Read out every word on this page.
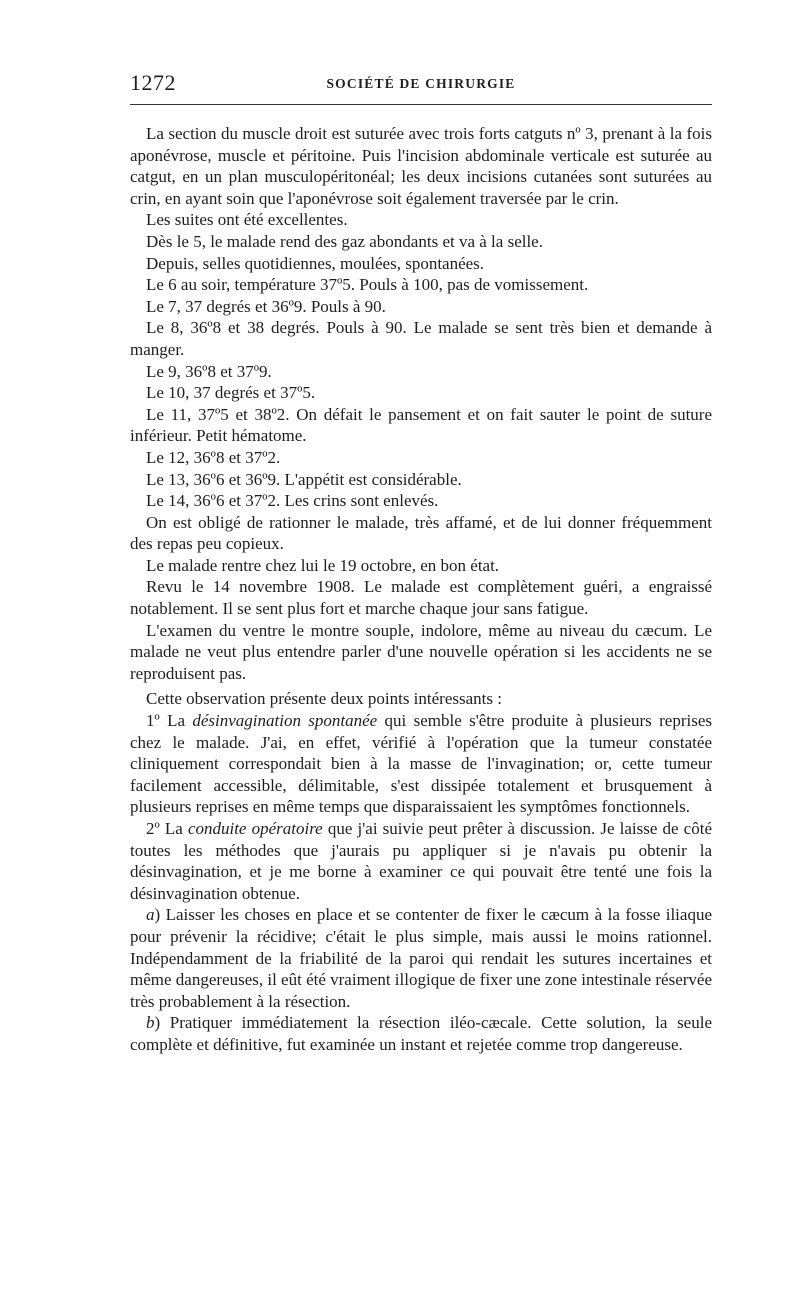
1272	SOCIÉTÉ DE CHIRURGIE

La section du muscle droit est suturée avec trois forts catguts nº 3, prenant à la fois aponévrose, muscle et péritoine. Puis l'incision abdominale verticale est suturée au catgut, en un plan musculopéritonéal; les deux incisions cutanées sont suturées au crin, en ayant soin que l'aponévrose soit également traversée par le crin.

Les suites ont été excellentes.

Dès le 5, le malade rend des gaz abondants et va à la selle.

Depuis, selles quotidiennes, moulées, spontanées.

Le 6 au soir, température 37º5. Pouls à 100, pas de vomissement.

Le 7, 37 degrés et 36º9. Pouls à 90.

Le 8, 36º8 et 38 degrés. Pouls à 90. Le malade se sent très bien et demande à manger.

Le 9, 36º8 et 37º9.

Le 10, 37 degrés et 37º5.

Le 11, 37º5 et 38º2. On défait le pansement et on fait sauter le point de suture inférieur. Petit hématome.

Le 12, 36º8 et 37º2.

Le 13, 36º6 et 36º9. L'appétit est considérable.

Le 14, 36º6 et 37º2. Les crins sont enlevés.

On est obligé de rationner le malade, très affamé, et de lui donner fréquemment des repas peu copieux.

Le malade rentre chez lui le 19 octobre, en bon état.

Revu le 14 novembre 1908. Le malade est complètement guéri, a engraissé notablement. Il se sent plus fort et marche chaque jour sans fatigue.

L'examen du ventre le montre souple, indolore, même au niveau du cæcum. Le malade ne veut plus entendre parler d'une nouvelle opération si les accidents ne se reproduisent pas.

Cette observation présente deux points intéressants :

1º La désinvagination spontanée qui semble s'être produite à plusieurs reprises chez le malade. J'ai, en effet, vérifié à l'opération que la tumeur constatée cliniquement correspondait bien à la masse de l'invagination; or, cette tumeur facilement accessible, délimitable, s'est dissipée totalement et brusquement à plusieurs reprises en même temps que disparaissaient les symptômes fonctionnels.

2º La conduite opératoire que j'ai suivie peut prêter à discussion. Je laisse de côté toutes les méthodes que j'aurais pu appliquer si je n'avais pu obtenir la désinvagination, et je me borne à examiner ce qui pouvait être tenté une fois la désinvagination obtenue.

a) Laisser les choses en place et se contenter de fixer le cæcum à la fosse iliaque pour prévenir la récidive; c'était le plus simple, mais aussi le moins rationnel. Indépendamment de la friabilité de la paroi qui rendait les sutures incertaines et même dangereuses, il eût été vraiment illogique de fixer une zone intestinale réservée très probablement à la résection.

b) Pratiquer immédiatement la résection iléo-cæcale. Cette solution, la seule complète et définitive, fut examinée un instant et rejetée comme trop dangereuse.
